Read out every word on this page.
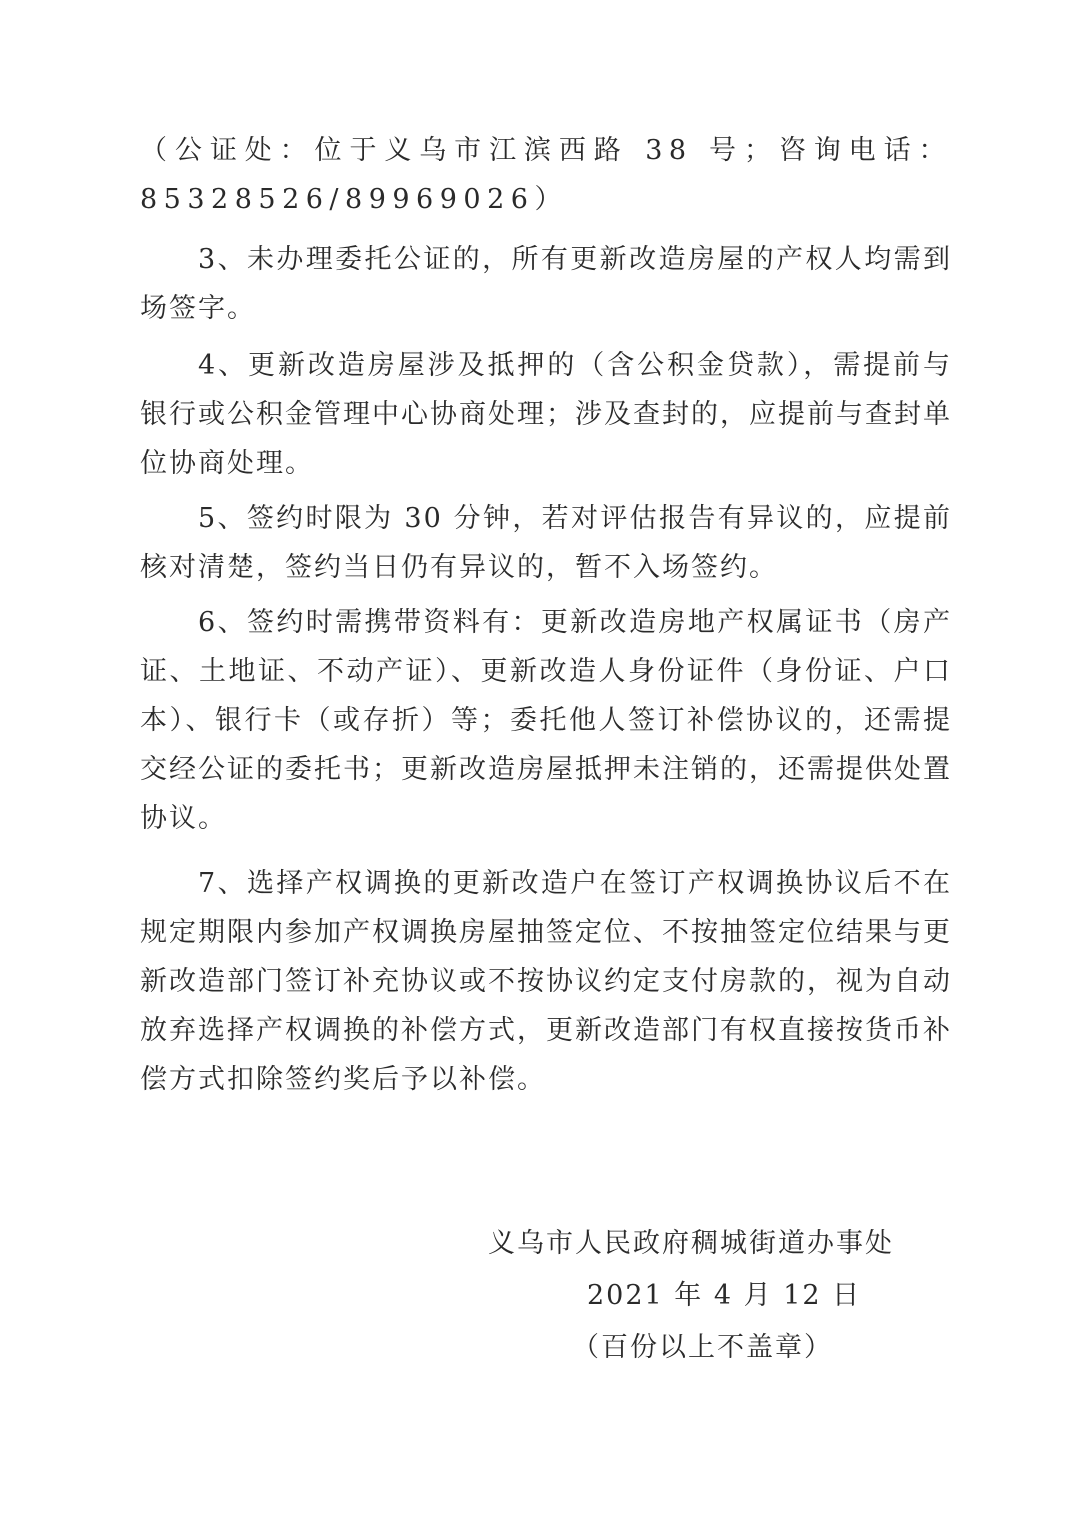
（公证处：位于义乌市江滨西路 38 号；咨询电话：85328526/89969026）

3、未办理委托公证的，所有更新改造房屋的产权人均需到场签字。

4、更新改造房屋涉及抵押的（含公积金贷款），需提前与银行或公积金管理中心协商处理；涉及查封的，应提前与查封单位协商处理。

5、签约时限为 30 分钟，若对评估报告有异议的，应提前核对清楚，签约当日仍有异议的，暂不入场签约。

6、签约时需携带资料有：更新改造房地产权属证书（房产证、土地证、不动产证）、更新改造人身份证件（身份证、户口本）、银行卡（或存折）等；委托他人签订补偿协议的，还需提交经公证的委托书；更新改造房屋抵押未注销的，还需提供处置协议。

7、选择产权调换的更新改造户在签订产权调换协议后不在规定期限内参加产权调换房屋抽签定位、不按抽签定位结果与更新改造部门签订补充协议或不按协议约定支付房款的，视为自动放弃选择产权调换的补偿方式，更新改造部门有权直接按货币补偿方式扣除签约奖后予以补偿。

义乌市人民政府稠城街道办事处

2021 年 4 月 12 日

（百份以上不盖章）
